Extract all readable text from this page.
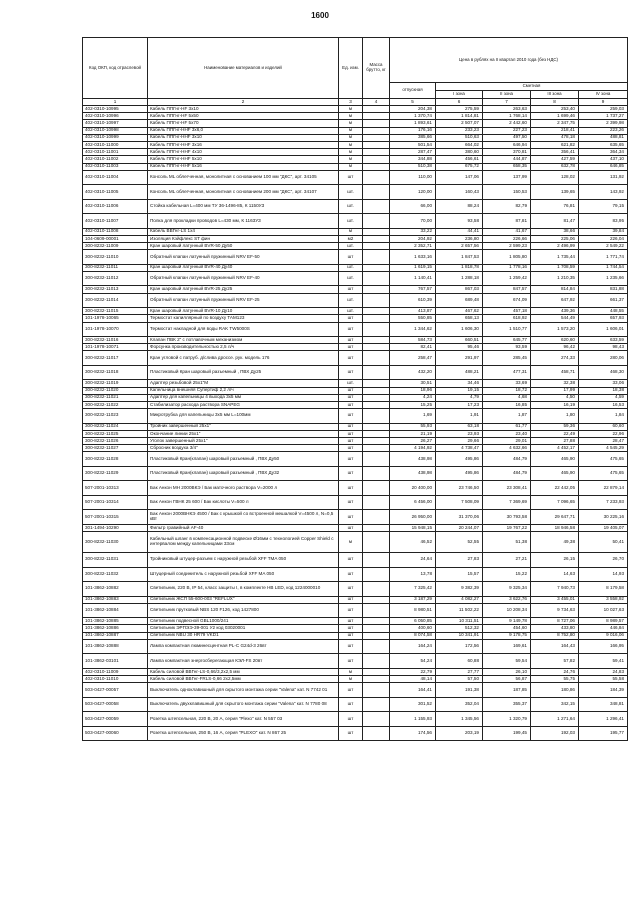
1600
Код ОКП, код отраслевой	Наименование материалов и изделий	Ед. изм.	Масса брутто, кг	Цена в рублях на II квартал 2010 года (без НДС)				
				отпускная	Сметная			
					I зона	II зона	III зона	IV зона
1	2	3	4	5	6	7	8	9
402-0310-10995	Кабель ППГнг-HF 3х10	м		204,38	275,59	263,63	253,40	259,03
402-0310-10996	Кабель ППГнг-HF 5х50	м		1 370,74	1 814,81	1 768,14	1 699,46	1 737,27
402-0310-10997	Кабель ППГнг-HF 5х70	м		1 893,61	2 507,07	2 442,60	2 347,75	2 399,98
402-0310-10998	Кабель ППГнг-ННF 3х6,0	м		176,16	233,23	227,23	218,41	223,26
402-0310-10999	Кабель ППГнг-ННF 3х10	м		385,66	510,63	497,50	478,18	488,81
402-0310-11000	Кабель ППГнг-ННF 3х16	м		501,54	664,02	646,94	621,82	635,65
402-0310-11001	Кабель ППГнг-ННF 4х10	м		287,47	380,60	370,81	356,41	364,34
402-0310-11002	Кабель ППГнг-ННF 5х10	м		344,88	456,61	444,87	427,59	437,10
402-0310-11003	Кабель ППГнг-ННF 5х16	м		510,38	675,72	658,35	632,78	646,85
402-0310-11004	Консоль ML облегченная, монолитная с основанием 100 мм "ДКС", арт. 34105	шт		110,00	147,06	137,99	128,02	131,92
402-0310-11005	Консоль ML облегченная, монолитная с основанием 200 мм "ДКС", арт. 34107	шт.		120,00	160,43	150,53	139,65	143,92
402-0310-11006	Стойка кабельная L=400 мм ТУ 36-1496-85, К 1150УЗ	шт.		66,00	88,24	82,79	76,81	79,15
402-0310-11007	Полка для прокладки проводов L=430 мм, К 1163УЗ	шт.		70,00	93,58	87,81	81,47	83,95
402-0310-11008	Кабель ВВГнг-LS 1х4	м		33,22	44,41	41,67	38,66	39,84
104-0609-00001	Изоляция Кэйфлекс ST фин	м2		204,92	236,80	226,66	225,06	226,04
300-8232-11009	Кран шаровый латунный BVR-50 Ду50	шт.		2 352,71	2 657,56	2 599,23	2 496,99	2 549,22
300-8232-11010	Обратный клапан латунный пружинный NRV EF-50	шт		1 633,16	1 847,53	1 805,80	1 735,44	1 771,74
300-8232-11011	Кран шаровый латунный BVR-40 Ду40	шт.		1 619,15	1 818,78	1 778,16	1 708,59	1 744,54
300-8232-11012	Обратный клапан латунный пружинный NRV EF-40	шт.		1 140,41	1 288,18	1 259,42	1 210,35	1 235,66
300-8232-11013	Кран шаровый латунный BVR-25 Ду25	шт		767,57	867,03	847,57	814,84	831,88
300-8232-11014	Обратный клапан латунный пружинный NRV EF-25	шт.		610,39	689,48	674,09	647,92	661,37
300-8232-11015	Кран шаровый латунный BVR-10 Ду10	шт.		413,87	467,62	457,18	439,36	448,55
101-1978-10065	Термостат капиллярный по воздуху TAM123	шт		550,85	658,13	618,92	544,49	657,93
101-1978-10070	Термостат накладной для воды RAK TW5000S	шт		1 344,62	1 606,30	1 510,77	1 573,20	1 606,01
300-8232-11016	Клапан ПВК 2" с потлавочным механизмом	шт		584,73	660,51	645,77	620,60	633,59
101-1978-10071	Форсунка производительностью 2,5 л/ч	шт		82,41	95,46	93,59	96,42	98,43
300-8232-11017	Кран угловой с патруб. д/слива дроссе. рук. модель 176	шт		258,47	291,97	285,45	274,33	280,06
300-8232-11018	Пластиковый Кран шаровый разъемный , ПВХ Ду25	шт		432,20	488,21	477,31	458,71	468,30
300-8232-11019	Адаптер резьбовой 25х1"М	шт.		30,51	34,46	33,69	32,38	33,06
300-8232-11020	Капельница внешняя Супертиф 2,2 л/ч	шт		18,96	19,15	18,72	17,99	18,38
300-8232-11021	Адаптер для капельницы 4 выхода 3х5 мм	шт		4,24	4,79	4,68	4,50	4,59
300-8232-11022	Стабилизатор расхода раствора SNAPEG	шт		15,25	17,23	16,85	16,19	16,53
300-8232-11023	Микротрубка для капельницы 3х5 мм L=100мм	шт		1,69	1,91	1,87	1,80	1,84
300-8232-11024	Тройник завершенный 25х1"	шт		55,93	63,18	61,77	59,36	60,60
300-8232-11025	Окончание линии 25х1"	шт		21,19	23,93	23,40	22,49	22,96
300-8232-11026	Уголок завершенный 25х1"	шт		26,27	29,66	29,01	27,88	28,47
300-8232-11027	Сбросник воздуха 3/4"	шт		4 194,92	4 738,47	4 632,66	4 452,17	4 545,29
300-8232-11028	Пластиковый Кран(клапан) шаровый разъемный , ПВХ Ду50	шт		438,98	495,86	484,79	465,90	475,65
300-8232-11029	Пластиковый Кран(клапан) шаровый разъемный , ПВХ Ду32	шт		438,98	495,86	484,79	465,90	475,65
507-2001-10313	Бак Анкон МН 2000ВКЭ / Бак маточного раствора V=2000 л	шт		20 400,00	23 746,50	23 308,41	22 442,05	22 879,14
507-2001-10314	Бак Анкон ГВНК 25 600 / Бак кислоты V=500 л	шт		6 456,00	7 508,09	7 369,69	7 096,65	7 233,93
507-2001-10315	Бак Анкон 2000ВНКЭ 4500 / Бак с крышкой со встроенной мешалкой V=4500 л, N=0,5 кВт	шт		26 950,00	31 370,06	30 793,58	29 647,71	30 225,16
301-1494-10290	Фильтр гравийный AF-40	шт		15 948,15	20 244,07	19 767,22	18 946,58	19 405,07
300-8232-11030	Кабельный шланг в компенсационной подвеске Ø16мм с технологией Copper Shield с интервалом между капельницами 33см	м		46,52	52,55	51,38	49,38	50,41
300-8232-11031	Тройниковый штуцер-разъем с наружной резьбой XFF TMA 050	шт		24,64	27,83	27,21	26,15	26,70
300-8232-11032	Штуцерный соединитель с наружной резьбой XFF MA 050	шт		13,78	15,57	15,22	14,63	14,93
101-3862-10882	Светильник, 220 В, IP 54, класс защиты I, в комплекте HB LED, код 1224000010	шт		7 325,42	9 382,39	9 325,34	7 940,73	8 179,58
101-3862-10883	Светильник ЖСП 55-600-003 "REFLUX"	шт		3 187,29	4 082,27	3 622,76	3 455,01	3 558,92
101-3862-10884	Светильник прутковый NBS 120 F126, код 1427800	шт		8 980,51	11 502,22	10 208,34	9 734,63	10 027,63
101-3862-10885	Светильник подвесной GBL1000/241	шт		6 050,85	10 311,51	9 149,78	8 727,06	8 989,57
101-3862-10886	Светильник ЭРПЭЭ-39-001 У2 код 03020001	шт		400,60	512,32	454,60	433,80	446,84
101-3862-10887	Светильник NBU 30 HR79 VKD1	шт		8 074,58	10 341,91	9 178,75	8 752,80	9 016,06
101-3862-10888	Лампа компактная люминесцентная PL-C G24d-3 26вт	шт		164,24	172,56	169,61	164,43	166,95
101-3862-03101	Лампа компактная энергосберегающая КЭЛ-FS 20вт	шт		54,24	60,88	59,54	57,82	59,41
402-0310-11009	Кабель силовой ВВГнг-LS-0,66/3,2х2,5 мм	м		22,79	27,77	26,10	24,76	24,83
402-0310-11010	Кабель силовой ВВГнг-FRLS-0,66 2х2,5мм	м		48,14	57,50	56,87	55,75	55,58
503-0427-00057	Выключатель одноклавишный для скрытого монтажа серии "Valena" кат. N 7742 01	шт		164,41	191,38	187,85	180,86	184,39
503-0427-00058	Выключатель двухклавишный для скрытого монтажа серии "Valena" кат. N 7780 08	шт		301,52	352,04	355,37	342,15	348,81
503-0427-00059	Розетка штепсельная, 220 В, 20 А, серия "Plexo" кат. N 557 03	шт		1 155,93	1 345,56	1 320,79	1 271,64	1 296,41
503-0427-00060	Розетка штепсельная, 250 В, 16 А, серия "PLEXO" кат. N 867 25	шт		174,56	203,19	199,45	192,03	195,77
